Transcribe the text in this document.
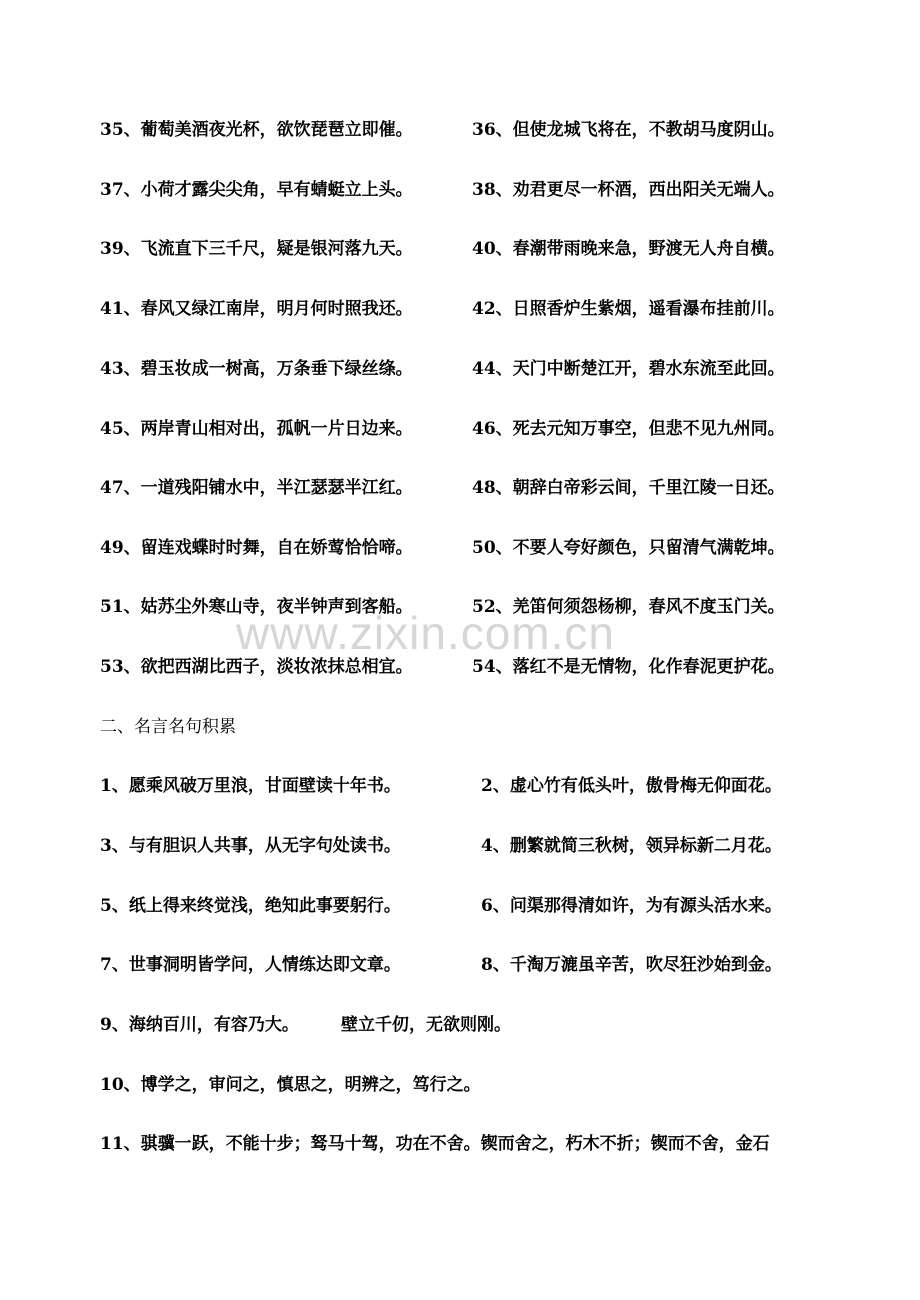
35、葡萄美酒夜光杯，欲饮琵琶立即催。	36、但使龙城飞将在，不教胡马度阴山。
37、小荷才露尖尖角，早有蜻蜓立上头。	38、劝君更尽一杯酒，西出阳关无端人。
39、飞流直下三千尺，疑是银河落九天。	40、春潮带雨晚来急，野渡无人舟自横。
41、春风又绿江南岸，明月何时照我还。	42、日照香炉生紫烟，遥看瀑布挂前川。
43、碧玉妆成一树高，万条垂下绿丝绦。	44、天门中断楚江开，碧水东流至此回。
45、两岸青山相对出，孤帆一片日边来。	46、死去元知万事空，但悲不见九州同。
47、一道残阳铺水中，半江瑟瑟半江红。	48、朝辞白帝彩云间，千里江陵一日还。
49、留连戏蝶时时舞，自在娇莺恰恰啼。	50、不要人夸好颜色，只留清气满乾坤。
51、姑苏尘外寒山寺，夜半钟声到客船。	52、羌笛何须怨杨柳，春风不度玉门关。
53、欲把西湖比西子，淡妆浓抹总相宜。	54、落红不是无情物，化作春泥更护花。
二、名言名句积累
1、愿乘风破万里浪，甘面壁读十年书。	2、虚心竹有低头叶，傲骨梅无仰面花。
3、与有胆识人共事，从无字句处读书。	4、删繁就简三秋树，领异标新二月花。
5、纸上得来终觉浅，绝知此事要躬行。	6、问渠那得清如许，为有源头活水来。
7、世事洞明皆学问，人情练达即文章。	8、千淘万漉虽辛苦，吹尽狂沙始到金。
9、海纳百川，有容乃大。 壁立千仞，无欲则刚。
10、博学之，审问之，慎思之，明辨之，笃行之。
11、骐骥一跃，不能十步；驽马十驾，功在不舍。锲而舍之，朽木不折；锲而不舍，金石
www.zixin.com.cn
